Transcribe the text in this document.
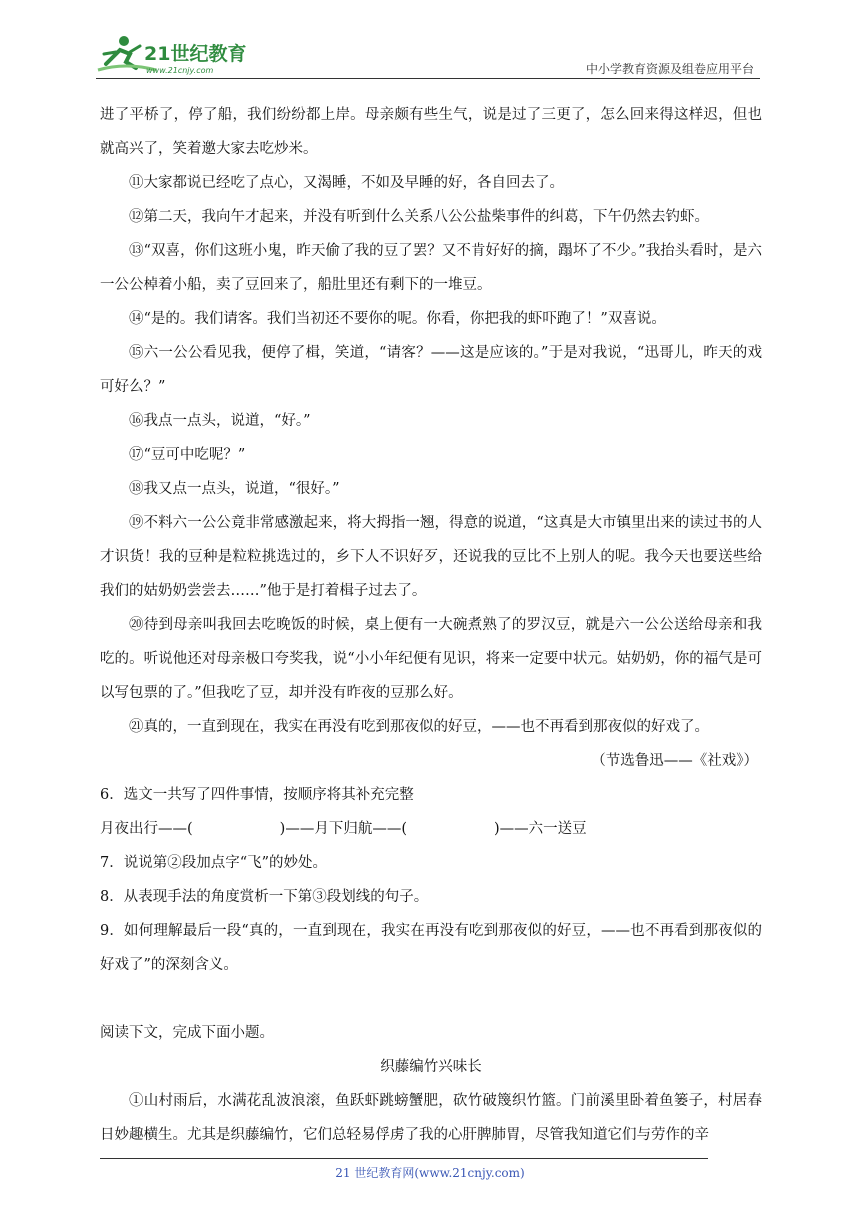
21世纪教育
www.21cnjy.com	中小学教育资源及组卷应用平台

进了平桥了，停了船，我们纷纷都上岸。母亲颇有些生气，说是过了三更了，怎么回来得这样迟，但也就高兴了，笑着邀大家去吃炒米。

⑪大家都说已经吃了点心，又渴睡，不如及早睡的好，各自回去了。

⑫第二天，我向午才起来，并没有听到什么关系八公公盐柴事件的纠葛，下午仍然去钓虾。

⑬“双喜，你们这班小鬼，昨天偷了我的豆了罢？又不肯好好的摘，蹋坏了不少。”我抬头看时，是六一公公棹着小船，卖了豆回来了，船肚里还有剩下的一堆豆。

⑭“是的。我们请客。我们当初还不要你的呢。你看，你把我的虾吓跑了！”双喜说。

⑮六一公公看见我，便停了楫，笑道，“请客？——这是应该的。”于是对我说，“迅哥儿，昨天的戏可好么？”

⑯我点一点头，说道，“好。”

⑰“豆可中吃呢？”

⑱我又点一点头，说道，“很好。”

⑲不料六一公公竟非常感激起来，将大拇指一翘，得意的说道，“这真是大市镇里出来的读过书的人才识货！我的豆种是粒粒挑选过的，乡下人不识好歹，还说我的豆比不上别人的呢。我今天也要送些给我们的姑奶奶尝尝去……”他于是打着楫子过去了。

⑳待到母亲叫我回去吃晚饭的时候，桌上便有一大碗煮熟了的罗汉豆，就是六一公公送给母亲和我吃的。听说他还对母亲极口夸奖我，说“小小年纪便有见识，将来一定要中状元。姑奶奶，你的福气是可以写包票的了。”但我吃了豆，却并没有昨夜的豆那么好。

㉑真的，一直到现在，我实在再没有吃到那夜似的好豆，——也不再看到那夜似的好戏了。

（节选鲁迅——《社戏》）

6．选文一共写了四件事情，按顺序将其补充完整

月夜出行——(　　　　　　)——月下归航——(　　　　　　)——六一送豆

7．说说第②段加点字“飞”的妙处。

8．从表现手法的角度赏析一下第③段划线的句子。

9．如何理解最后一段“真的，一直到现在，我实在再没有吃到那夜似的好豆，——也不再看到那夜似的好戏了”的深刻含义。

阅读下文，完成下面小题。

织藤编竹兴味长

①山村雨后，水满花乱波浪滚，鱼跃虾跳螃蟹肥，砍竹破篾织竹篮。门前溪里卧着鱼篓子，村居春日妙趣横生。尤其是织藤编竹，它们总轻易俘虏了我的心肝脾肺胃，尽管我知道它们与劳作的辛

21 世纪教育网(www.21cnjy.com)
